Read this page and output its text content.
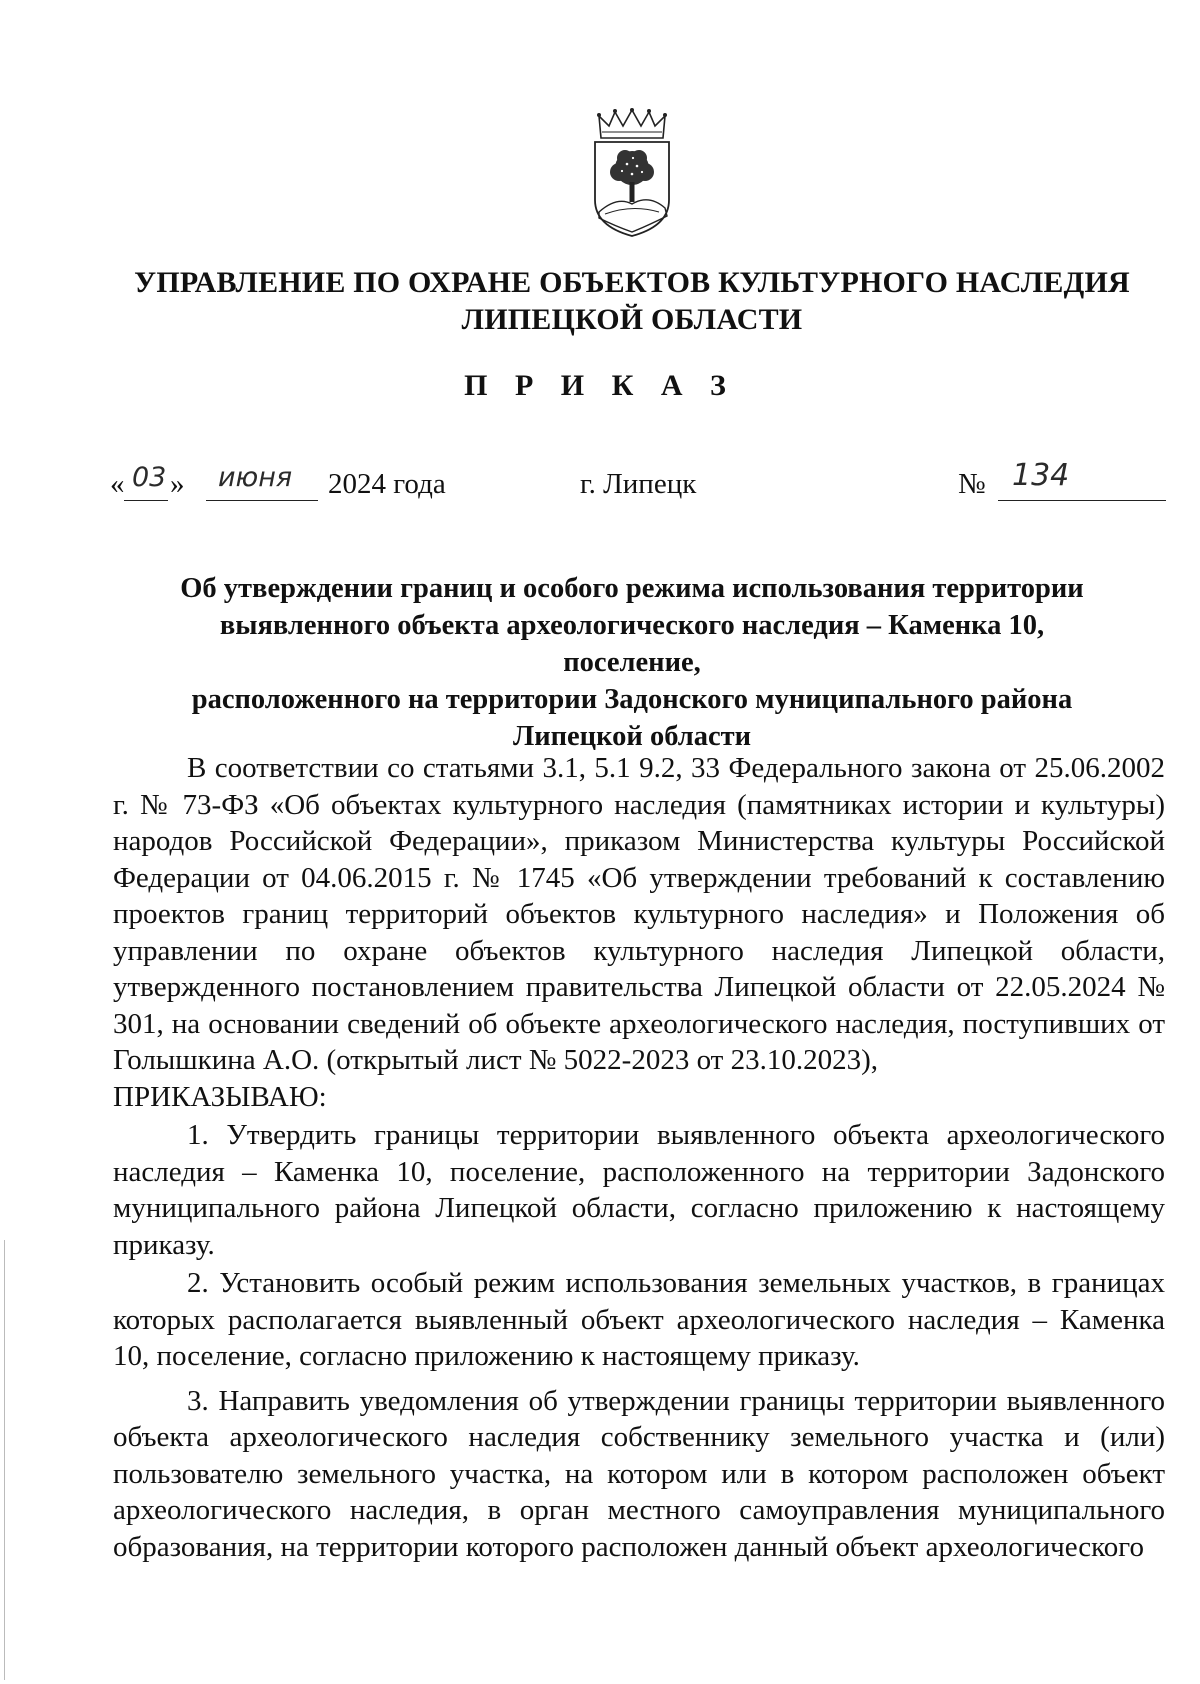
УПРАВЛЕНИЕ ПО ОХРАНЕ ОБЪЕКТОВ КУЛЬТУРНОГО НАСЛЕДИЯ
ЛИПЕЦКОЙ ОБЛАСТИ
П Р И К А З
« 03 » июня 2024 года	г. Липецк	№ 134
Об утверждении границ и особого режима использования территории
выявленного объекта археологического наследия – Каменка 10, поселение,
расположенного на территории Задонского муниципального района
Липецкой области

В соответствии со статьями 3.1, 5.1 9.2, 33 Федерального закона от 25.06.2002 г. № 73-ФЗ «Об объектах культурного наследия (памятниках истории и культуры) народов Российской Федерации», приказом Министерства культуры Российской Федерации от 04.06.2015 г. № 1745 «Об утверждении требований к составлению проектов границ территорий объектов культурного наследия» и Положения об управлении по охране объектов культурного наследия Липецкой области, утвержденного постановлением правительства Липецкой области от 22.05.2024 № 301, на основании сведений об объекте археологического наследия, поступивших от Голышкина А.О. (открытый лист № 5022-2023 от 23.10.2023),

ПРИКАЗЫВАЮ:

1. Утвердить границы территории выявленного объекта археологического наследия – Каменка 10, поселение, расположенного на территории Задонского муниципального района Липецкой области, согласно приложению к настоящему приказу.

2. Установить особый режим использования земельных участков, в границах которых располагается выявленный объект археологического наследия – Каменка 10, поселение, согласно приложению к настоящему приказу.

3. Направить уведомления об утверждении границы территории выявленного объекта археологического наследия собственнику земельного участка и (или) пользователю земельного участка, на котором или в котором расположен объект археологического наследия, в орган местного самоуправления муниципального образования, на территории которого расположен данный объект археологического
